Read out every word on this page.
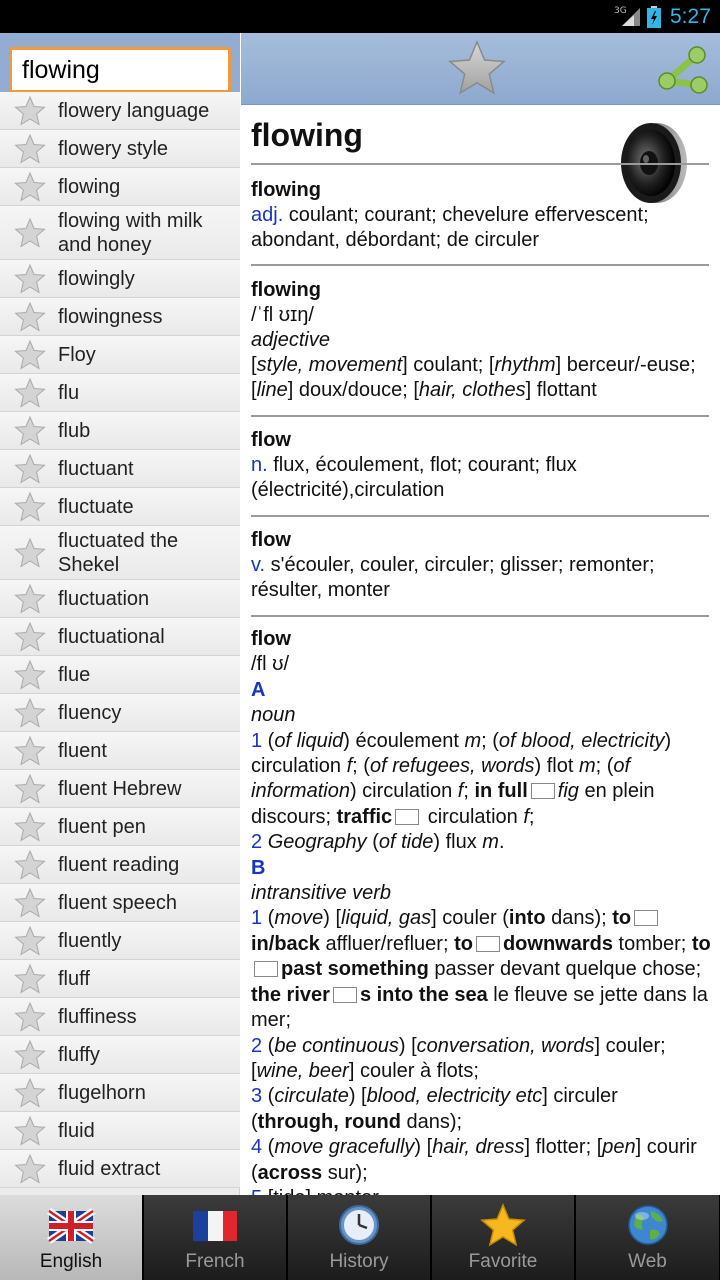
3G 5:27
flowing
flowery language
flowery style
flowing
flowing with milk and honey
flowingly
flowingness
Floy
flu
flub
fluctuant
fluctuate
fluctuated the Shekel
fluctuation
fluctuational
flue
fluency
fluent
fluent Hebrew
fluent pen
fluent reading
fluent speech
fluently
fluff
fluffiness
fluffy
flugelhorn
fluid
fluid extract
flowing
flowing
adj. coulant; courant; chevelure effervescent; abondant, débordant; de circuler
flowing
/ˈfl ʊɪŋ/
adjective
[style, movement] coulant; [rhythm] berceur/-euse; [line] doux/douce; [hair, clothes] flottant
flow
n. flux, écoulement, flot; courant; flux (électricité),circulation
flow
v. s'écouler, couler, circuler; glisser; remonter; résulter, monter
flow
/fl ʊ/
A
noun
1 (of liquid) écoulement m; (of blood, electricity) circulation f; (of refugees, words) flot m; (of information) circulation f; in full fig en plein discours; traffic circulation f;
2 Geography (of tide) flux m.
B
intransitive verb
1 (move) [liquid, gas] couler (into dans); toin/back affluer/refluer; to downwards tomber; topast something passer devant quelque chose; the river s into the sea le fleuve se jette dans la mer;
2 (be continuous) [conversation, words] couler; [wine, beer] couler à flots;
3 (circulate) [blood, electricity etc] circuler (through, round dans);
4 (move gracefully) [hair, dress] flotter; [pen] courir (across sur);

English	French	History	Favorite	Web
